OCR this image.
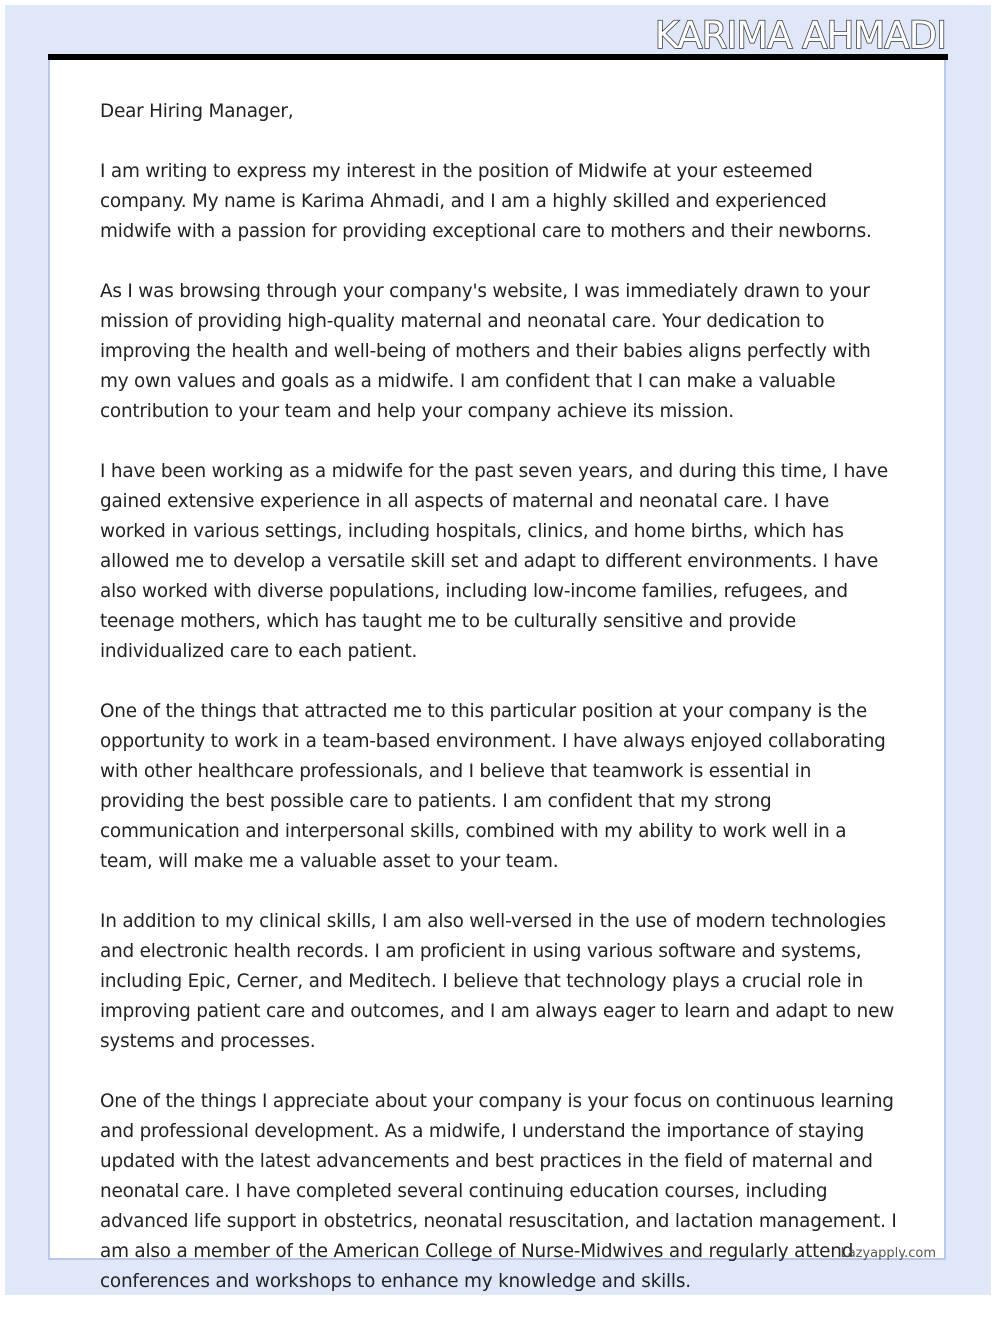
KARIMA AHMADI

Dear Hiring Manager,

I am writing to express my interest in the position of Midwife at your esteemed company. My name is Karima Ahmadi, and I am a highly skilled and experienced midwife with a passion for providing exceptional care to mothers and their newborns.

As I was browsing through your company's website, I was immediately drawn to your mission of providing high-quality maternal and neonatal care. Your dedication to improving the health and well-being of mothers and their babies aligns perfectly with my own values and goals as a midwife. I am confident that I can make a valuable contribution to your team and help your company achieve its mission.

I have been working as a midwife for the past seven years, and during this time, I have gained extensive experience in all aspects of maternal and neonatal care. I have worked in various settings, including hospitals, clinics, and home births, which has allowed me to develop a versatile skill set and adapt to different environments. I have also worked with diverse populations, including low-income families, refugees, and teenage mothers, which has taught me to be culturally sensitive and provide individualized care to each patient.

One of the things that attracted me to this particular position at your company is the opportunity to work in a team-based environment. I have always enjoyed collaborating with other healthcare professionals, and I believe that teamwork is essential in providing the best possible care to patients. I am confident that my strong communication and interpersonal skills, combined with my ability to work well in a team, will make me a valuable asset to your team.

In addition to my clinical skills, I am also well-versed in the use of modern technologies and electronic health records. I am proficient in using various software and systems, including Epic, Cerner, and Meditech. I believe that technology plays a crucial role in improving patient care and outcomes, and I am always eager to learn and adapt to new systems and processes.

One of the things I appreciate about your company is your focus on continuous learning and professional development. As a midwife, I understand the importance of staying updated with the latest advancements and best practices in the field of maternal and neonatal care. I have completed several continuing education courses, including advanced life support in obstetrics, neonatal resuscitation, and lactation management. I am also a member of the American College of Nurse-Midwives and regularly attend conferences and workshops to enhance my knowledge and skills.

Lazyapply.com
